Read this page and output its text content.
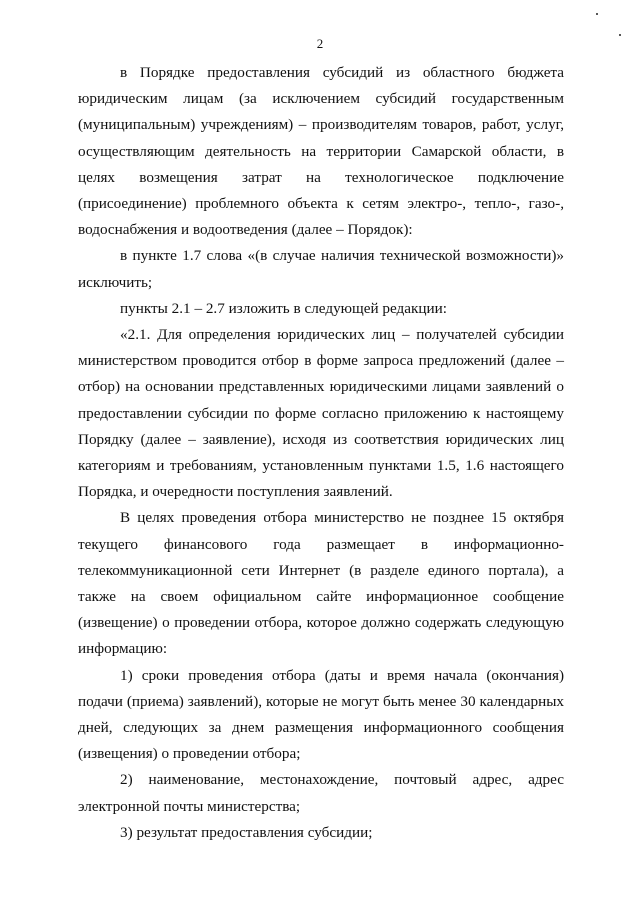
2

в Порядке предоставления субсидий из областного бюджета юридическим лицам (за исключением субсидий государственным (муниципальным) учреждениям) – производителям товаров, работ, услуг, осуществляющим деятельность на территории Самарской области, в целях возмещения затрат на технологическое подключение (присоединение) проблемного объекта к сетям электро-, тепло-, газо-, водоснабжения и водоотведения (далее – Порядок):

в пункте 1.7 слова «(в случае наличия технической возможности)» исключить;

пункты 2.1 – 2.7 изложить в следующей редакции:

«2.1. Для определения юридических лиц – получателей субсидии министерством проводится отбор в форме запроса предложений (далее – отбор) на основании представленных юридическими лицами заявлений о предоставлении субсидии по форме согласно приложению к настоящему Порядку (далее – заявление), исходя из соответствия юридических лиц категориям и требованиям, установленным пунктами 1.5, 1.6 настоящего Порядка, и очередности поступления заявлений.

В целях проведения отбора министерство не позднее 15 октября текущего финансового года размещает в информационно-телекоммуникационной сети Интернет (в разделе единого портала), а также на своем официальном сайте информационное сообщение (извещение) о проведении отбора, которое должно содержать следующую информацию:

1) сроки проведения отбора (даты и время начала (окончания) подачи (приема) заявлений), которые не могут быть менее 30 календарных дней, следующих за днем размещения информационного сообщения (извещения) о проведении отбора;

2) наименование, местонахождение, почтовый адрес, адрес электронной почты министерства;

3) результат предоставления субсидии;
